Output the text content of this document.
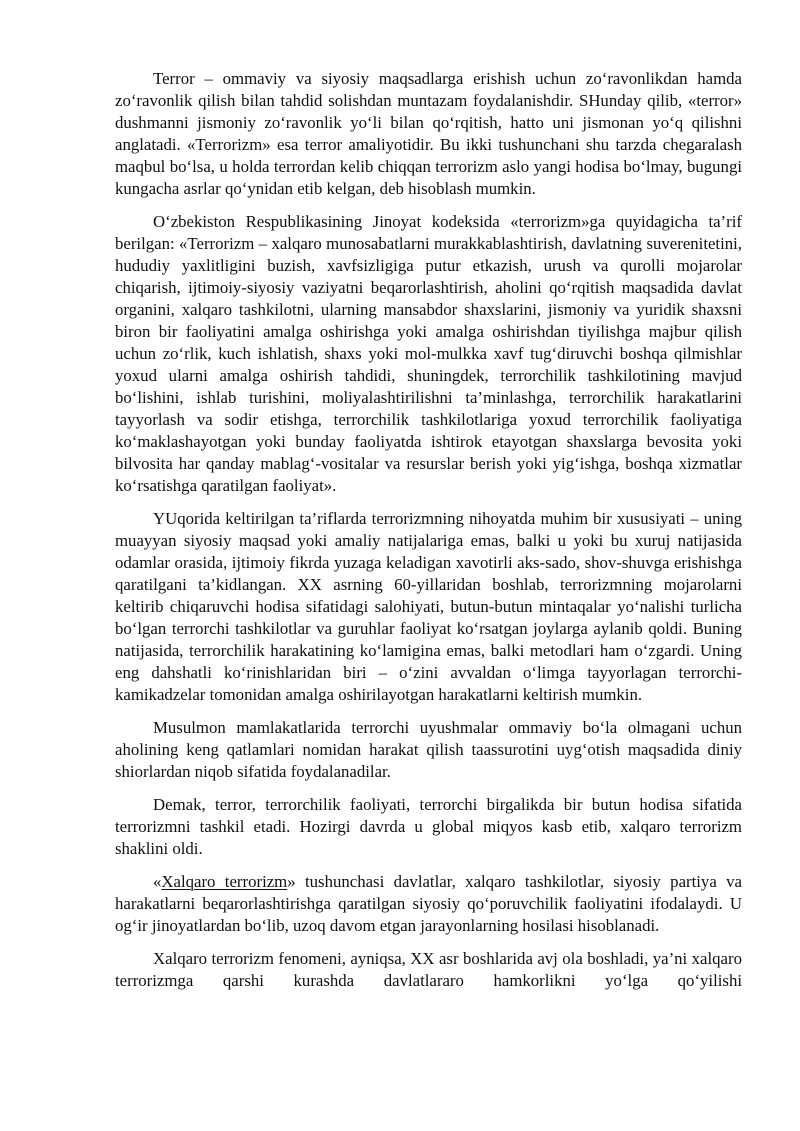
Terror – ommaviy va siyosiy maqsadlarga erishish uchun zo‘ravonlikdan hamda zo‘ravonlik qilish bilan tahdid solishdan muntazam foydalanishdir. SHunday qilib, «terror» dushmanni jismoniy zo‘ravonlik yo‘li bilan qo‘rqitish, hatto uni jismonan yo‘q qilishni anglatadi. «Terrorizm» esa terror amaliyotidir. Bu ikki tushunchani shu tarzda chegaralash maqbul bo‘lsa, u holda terrordan kelib chiqqan terrorizm aslo yangi hodisa bo‘lmay, bugungi kungacha asrlar qo‘ynidan etib kelgan, deb hisoblash mumkin.

O‘zbekiston Respublikasining Jinoyat kodeksida «terrorizm»ga quyidagicha ta’rif berilgan: «Terrorizm – xalqaro munosabatlarni murakkablashtirish, davlatning suverenitetini, hududiy yaxlitligini buzish, xavfsizligiga putur etkazish, urush va qurolli mojarolar chiqarish, ijtimoiy-siyosiy vaziyatni beqarorlashtirish, aholini qo‘rqitish maqsadida davlat organini, xalqaro tashkilotni, ularning mansabdor shaxslarini, jismoniy va yuridik shaxsni biron bir faoliyatini amalga oshirishga yoki amalga oshirishdan tiyilishga majbur qilish uchun zo‘rlik, kuch ishlatish, shaxs yoki mol-mulkka xavf tug‘diruvchi boshqa qilmishlar yoxud ularni amalga oshirish tahdidi, shuningdek, terrorchilik tashkilotining mavjud bo‘lishini, ishlab turishini, moliyalashtirilishni ta’minlashga, terrorchilik harakatlarini tayyorlash va sodir etishga, terrorchilik tashkilotlariga yoxud terrorchilik faoliyatiga ko‘maklashayotgan yoki bunday faoliyatda ishtirok etayotgan shaxslarga bevosita yoki bilvosita har qanday mablag‘-vositalar va resurslar berish yoki yig‘ishga, boshqa xizmatlar ko‘rsatishga qaratilgan faoliyat».

YUqorida keltirilgan ta’riflarda terrorizmning nihoyatda muhim bir xususiyati – uning muayyan siyosiy maqsad yoki amaliy natijalariga emas, balki u yoki bu xuruj natijasida odamlar orasida, ijtimoiy fikrda yuzaga keladigan xavotirli aks-sado, shov-shuvga erishishga qaratilgani ta’kidlangan. XX asrning 60-yillaridan boshlab, terrorizmning mojarolarni keltirib chiqaruvchi hodisa sifatidagi salohiyati, butun-butun mintaqalar yo‘nalishi turlicha bo‘lgan terrorchi tashkilotlar va guruhlar faoliyat ko‘rsatgan joylarga aylanib qoldi. Buning natijasida, terrorchilik harakatining ko‘lamigina emas, balki metodlari ham o‘zgardi. Uning eng dahshatli ko‘rinishlaridan biri – o‘zini avvaldan o‘limga tayyorlagan terrorchi-kamikadzelar tomonidan amalga oshirilayotgan harakatlarni keltirish mumkin.

Musulmon mamlakatlarida terrorchi uyushmalar ommaviy bo‘la olmagani uchun aholining keng qatlamlari nomidan harakat qilish taassurotini uyg‘otish maqsadida diniy shiorlardan niqob sifatida foydalanadilar.

Demak, terror, terrorchilik faoliyati, terrorchi birgalikda bir butun hodisa sifatida terrorizmni tashkil etadi. Hozirgi davrda u global miqyos kasb etib, xalqaro terrorizm shaklini oldi.

«Xalqaro terrorizm» tushunchasi davlatlar, xalqaro tashkilotlar, siyosiy partiya va harakatlarni beqarorlashtirishga qaratilgan siyosiy qo‘poruvchilik faoliyatini ifodalaydi. U og‘ir jinoyatlardan bo‘lib, uzoq davom etgan jarayonlarning hosilasi hisoblanadi.

Xalqaro terrorizm fenomeni, ayniqsa, XX asr boshlarida avj ola boshladi, ya’ni xalqaro terrorizmga qarshi kurashda davlatlararo hamkorlikni yo‘lga qo‘yilishi
